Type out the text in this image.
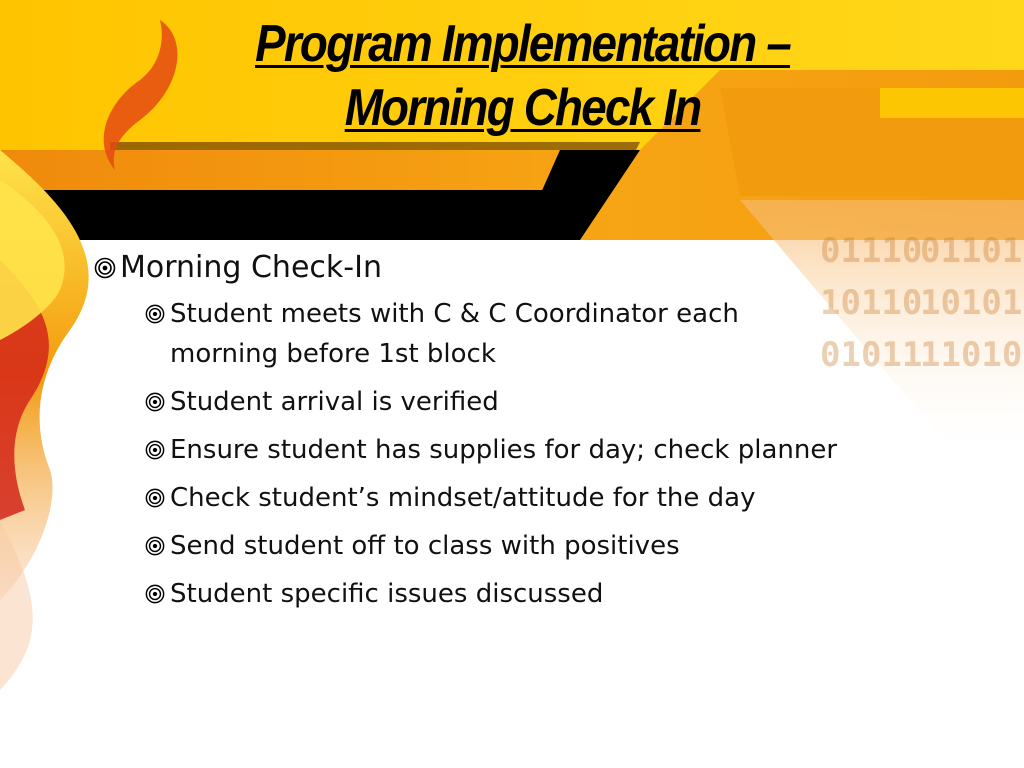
01110
01101
10110
10101
01011
11010
Program Implementation –
Morning Check In
Morning Check-In
Student meets with C & C Coordinator each morning before 1st block
Student arrival is verified
Ensure student has supplies for day; check planner
Check student’s mindset/attitude for the day
Send student off to class with positives
Student specific issues discussed
